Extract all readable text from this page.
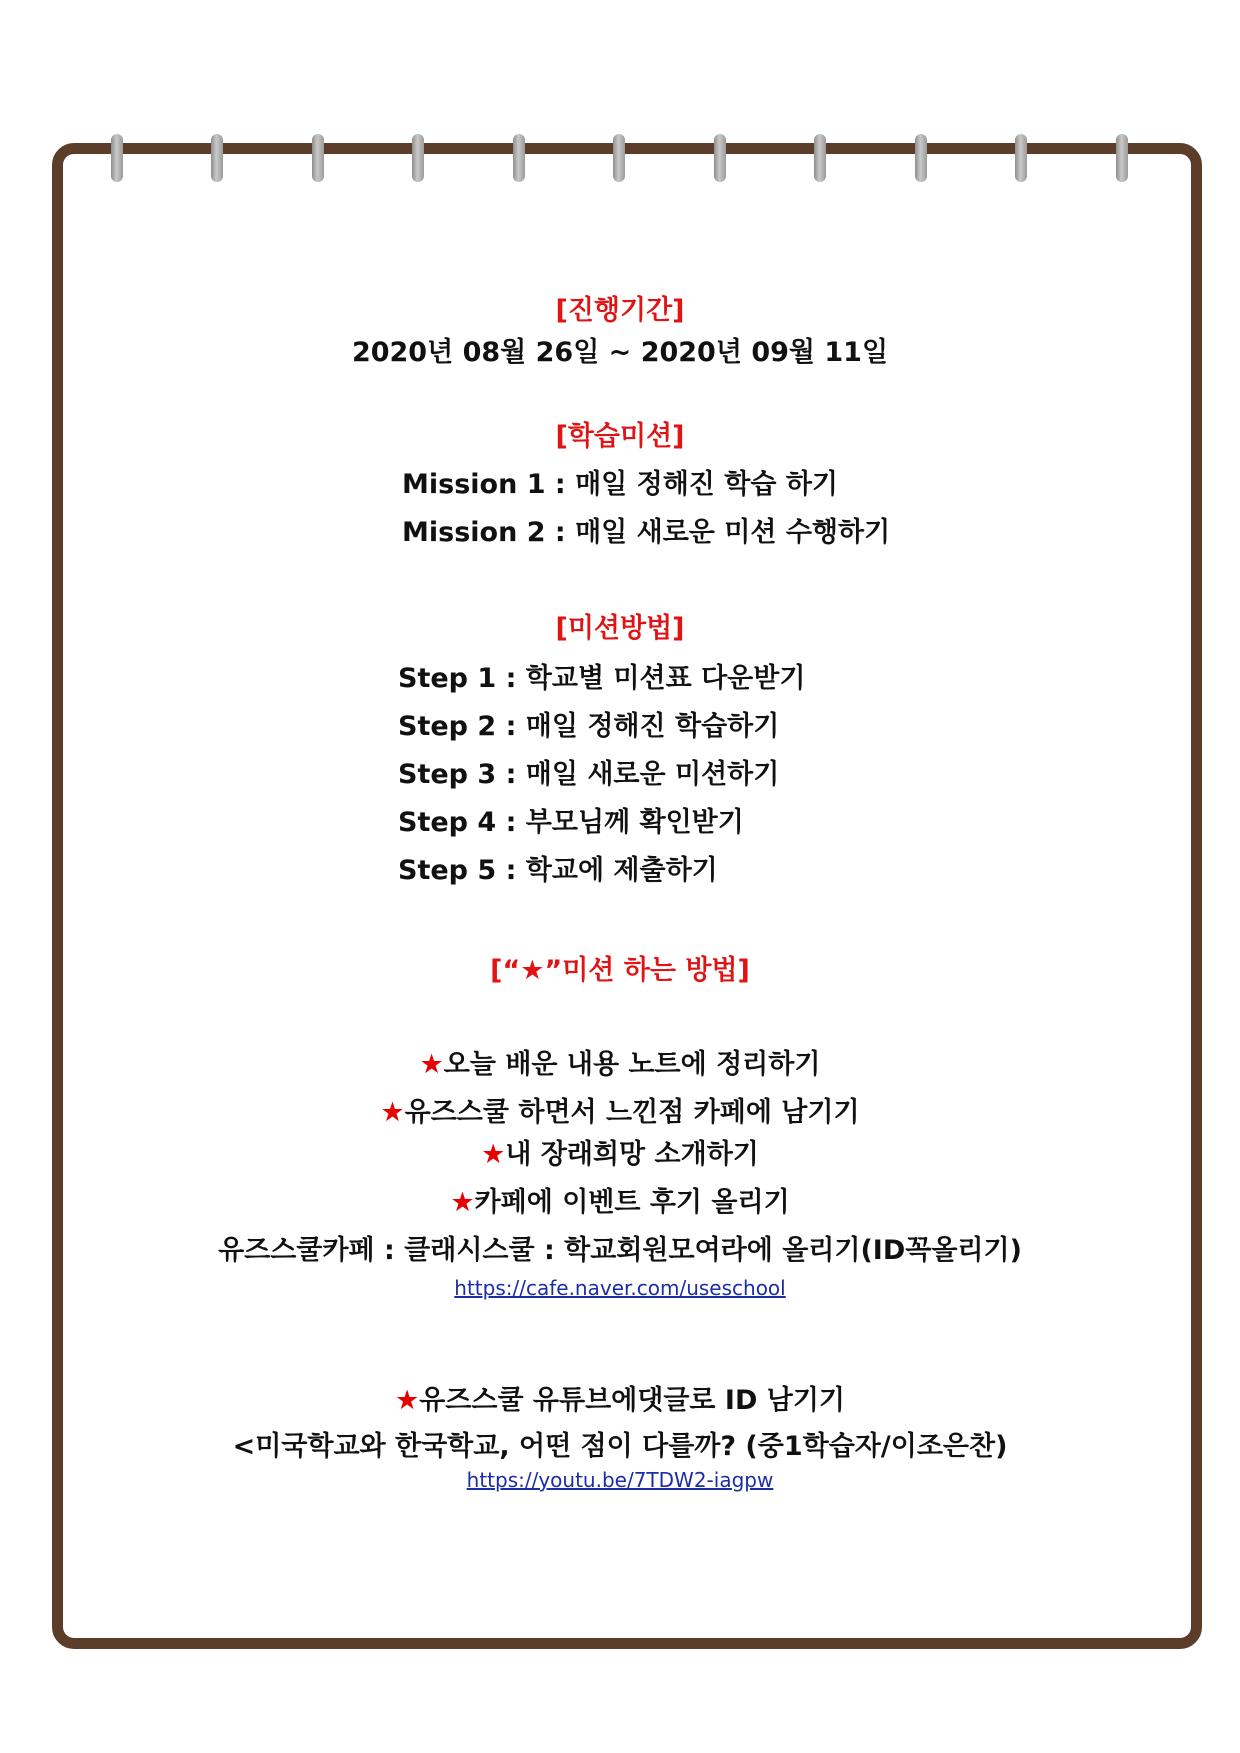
[진행기간]
2020년 08월 26일 ~ 2020년 09월 11일
[학습미션]
Mission 1 : 매일 정해진 학습 하기
Mission 2 : 매일 새로운 미션 수행하기
[미션방법]
Step 1 : 학교별 미션표 다운받기
Step 2 : 매일 정해진 학습하기
Step 3 : 매일 새로운 미션하기
Step 4 : 부모님께 확인받기
Step 5 : 학교에 제출하기
[“★”미션 하는 방법]
★오늘 배운 내용 노트에 정리하기
★유즈스쿨 하면서 느낀점 카페에 남기기
★내 장래희망 소개하기
★카페에 이벤트 후기 올리기
유즈스쿨카페 : 클래시스쿨 : 학교회원모여라에 올리기(ID꼭올리기)
https://cafe.naver.com/useschool
★유즈스쿨 유튜브에댓글로 ID 남기기
<미국학교와 한국학교, 어떤 점이 다를까? (중1학습자/이조은찬)
https://youtu.be/7TDW2-iagpw
